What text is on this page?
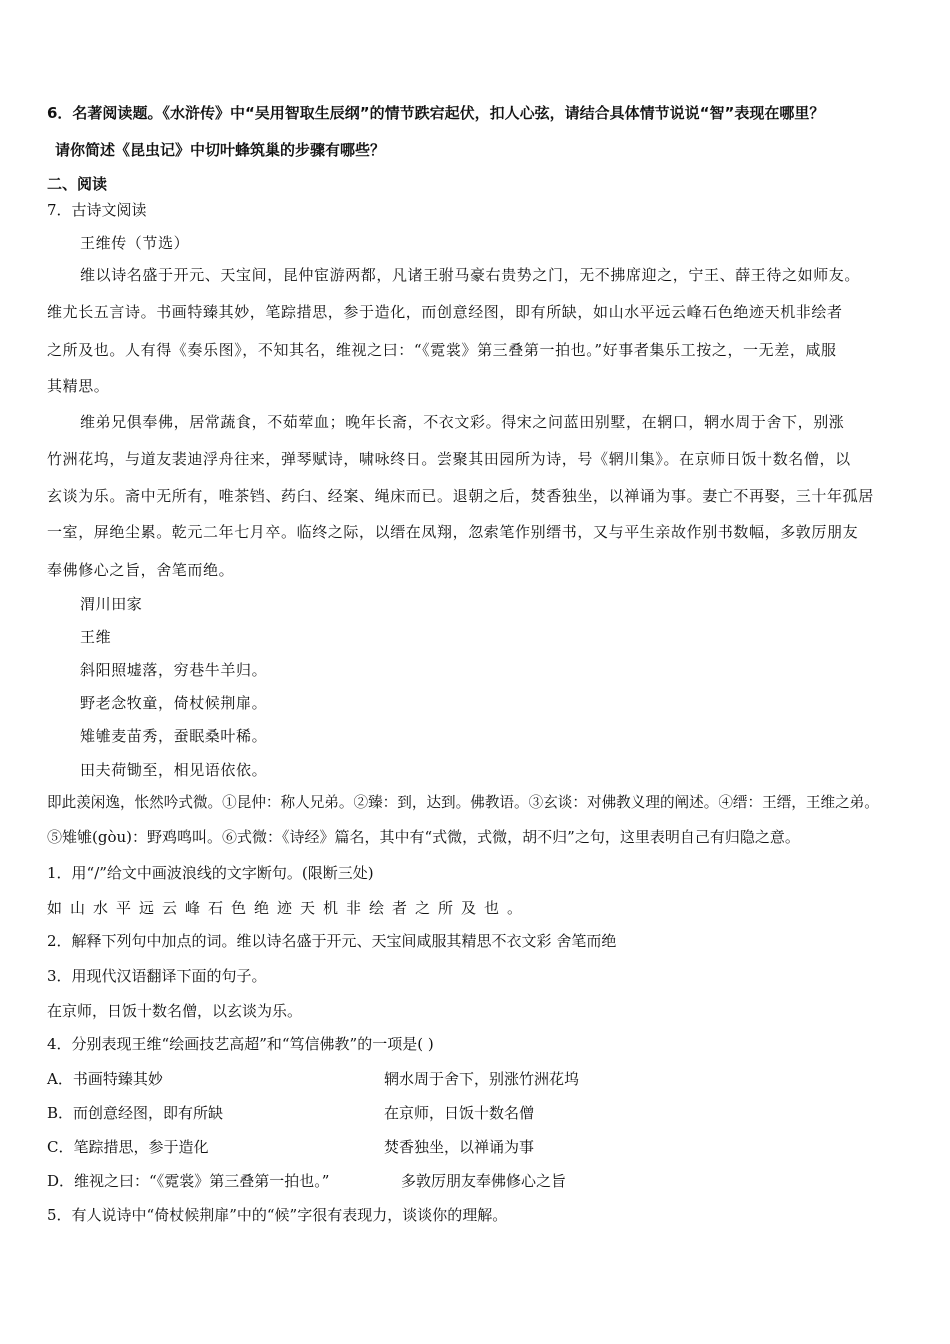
6．名著阅读题。《水浒传》中“吴用智取生辰纲”的情节跌宕起伏，扣人心弦，请结合具体情节说说“智”表现在哪里？
请你简述《昆虫记》中切叶蜂筑巢的步骤有哪些？
二、阅读
7．古诗文阅读
王维传（节选）
维以诗名盛于开元、天宝间，昆仲宦游两都，凡诸王驸马豪右贵势之门，无不拂席迎之，宁王、薛王待之如师友。
维尤长五言诗。书画特臻其妙，笔踪措思，参于造化，而创意经图，即有所缺，如山水平远云峰石色绝迹天机非绘者
之所及也。人有得《奏乐图》，不知其名，维视之曰：“《霓裳》第三叠第一拍也。”好事者集乐工按之，一无差，咸服
其精思。
维弟兄俱奉佛，居常蔬食，不茹荤血；晚年长斋，不衣文彩。得宋之问蓝田别墅，在辋口，辋水周于舍下，别涨
竹洲花坞，与道友裴迪浮舟往来，弹琴赋诗，啸咏终日。尝聚其田园所为诗，号《辋川集》。在京师日饭十数名僧，以
玄谈为乐。斋中无所有，唯茶铛、药臼、经案、绳床而已。退朝之后，焚香独坐，以禅诵为事。妻亡不再娶，三十年孤居
一室，屏绝尘累。乾元二年七月卒。临终之际，以缙在凤翔，忽索笔作别缙书，又与平生亲故作别书数幅，多敦厉朋友
奉佛修心之旨，舍笔而绝。
渭川田家
王维
斜阳照墟落，穷巷牛羊归。
野老念牧童，倚杖候荆扉。
雉雊麦苗秀，蚕眠桑叶稀。
田夫荷锄至，相见语依依。
即此羡闲逸，怅然吟式微。①昆仲：称人兄弟。②臻：到，达到。佛教语。③玄谈：对佛教义理的阐述。④缙：王缙，王维之弟。
⑤雉雊(gòu)：野鸡鸣叫。⑥式微：《诗经》篇名，其中有“式微，式微，胡不归”之句，这里表明自己有归隐之意。
1．用“/”给文中画波浪线的文字断句。(限断三处)
如山水平远云峰石色绝迹天机非绘者之所及也。
2．解释下列句中加点的词。维以诗名盛于开元、天宝间咸服其精思不衣文彩 舍笔而绝
3．用现代汉语翻译下面的句子。
在京师，日饭十数名僧，以玄谈为乐。
4．分别表现王维“绘画技艺高超”和“笃信佛教”的一项是( )
A．书画特臻其妙	辋水周于舍下，别涨竹洲花坞
B．而创意经图，即有所缺	在京师，日饭十数名僧
C．笔踪措思，参于造化	焚香独坐，以禅诵为事
D．维视之曰：“《霓裳》第三叠第一拍也。”	多敦厉朋友奉佛修心之旨
5．有人说诗中“倚杖候荆扉”中的“候”字很有表现力，谈谈你的理解。
